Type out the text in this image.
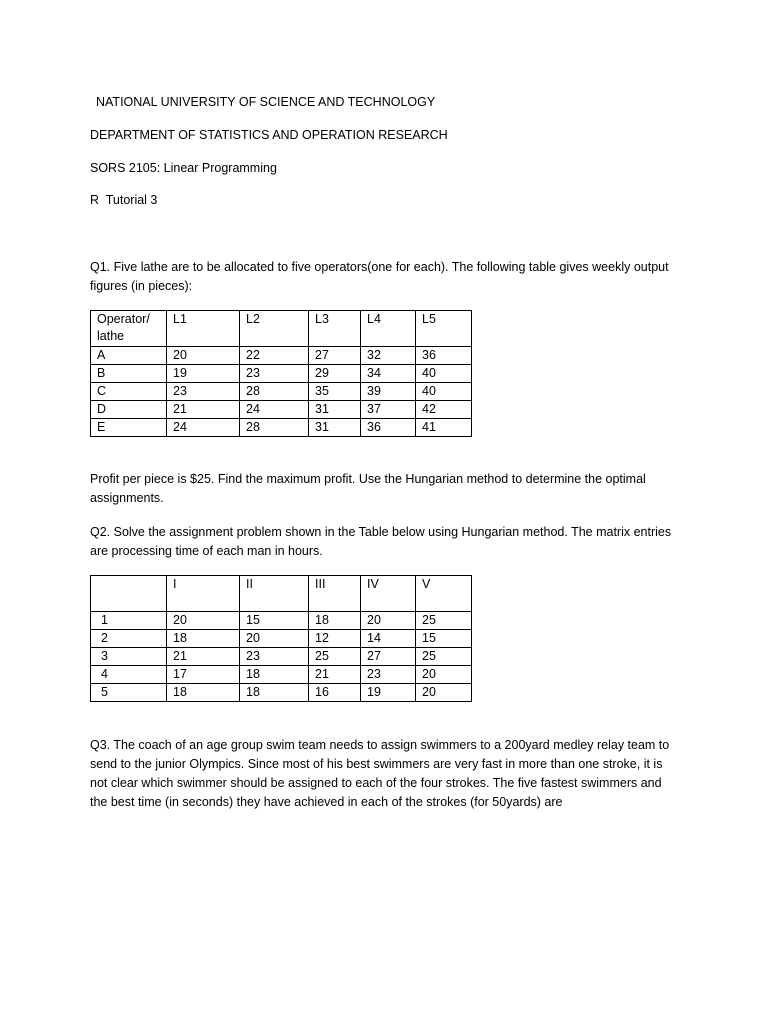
NATIONAL UNIVERSITY OF SCIENCE AND TECHNOLOGY
DEPARTMENT OF STATISTICS AND OPERATION RESEARCH
SORS 2105: Linear Programming
R  Tutorial 3
Q1. Five lathe are to be allocated to five operators(one for each). The following table gives weekly output figures (in pieces):
Operator/ lathe	L1	L2	L3	L4	L5
A	20	22	27	32	36
B	19	23	29	34	40
C	23	28	35	39	40
D	21	24	31	37	42
E	24	28	31	36	41
Profit per piece is $25. Find the maximum profit. Use the Hungarian method to determine the optimal assignments.
Q2. Solve the assignment problem shown in the Table below using Hungarian method. The matrix entries are processing time of each man in hours.
	I	II	III	IV	V
1	20	15	18	20	25
2	18	20	12	14	15
3	21	23	25	27	25
4	17	18	21	23	20
5	18	18	16	19	20
Q3. The coach of an age group swim team needs to assign swimmers to a 200yard medley relay team to send to the junior Olympics. Since most of his best swimmers are very fast in more than one stroke, it is not clear which swimmer should be assigned to each of the four strokes. The five fastest swimmers and the best time (in seconds) they have achieved in each of the strokes (for 50yards) are
